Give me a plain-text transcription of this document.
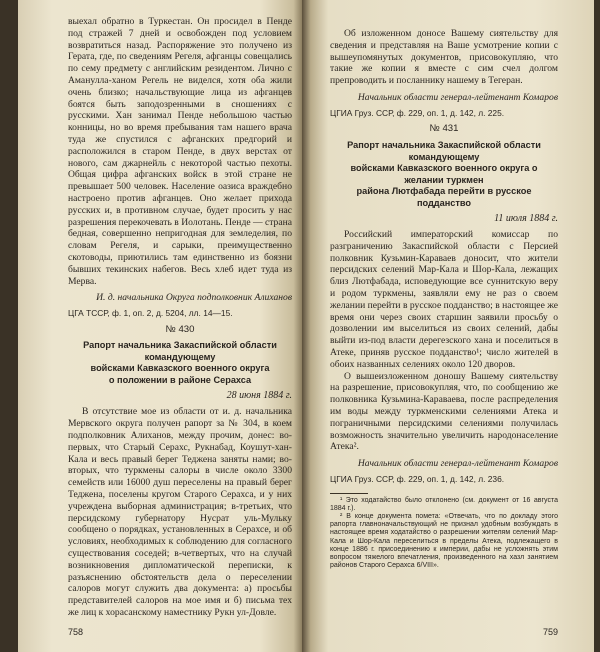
выехал обратно в Туркестан. Он просидел в Пенде под стражей 7 дней и освобожден под условием возвратиться назад. Распоряжение это получено из Герата, где, по сведениям Регеля, афганцы совещались по сему предмету с английским резидентом. Лично с Аманулла-ханом Регель не виделся, хотя оба жили очень близко; начальствующие лица из афганцев боятся быть заподозренными в сношениях с русскими. Хан занимал Пенде небольшою частью конницы, но во время пребывания там нашего врача туда же спустился с афганских предгорий и расположился в старом Пенде, в двух верстах от нового, сам джарнейль с некоторой частью пехоты. Общая цифра афганских войск в этой стране не превышает 500 человек. Население оазиса враждебно настроено против афганцев. Оно желает прихода русских и, в противном случае, будет просить у нас разрешения перекочевать в Иолотань. Пенде — страна бедная, совершенно непригодная для земледелия, по словам Регеля, и сарыки, преимущественно скотоводы, приютились там единственно из боязни бывших текинских набегов. Весь хлеб идет туда из Мерва.

И. д. начальника Округа подполковник Алиханов
ЦГА ТССР, ф. 1, оп. 2, д. 5204, лл. 14—15.
№ 430
Рапорт начальника Закаспийской области командующему
войсками Кавказского военного округа
о положении в районе Серахса
28 июня 1884 г.

В отсутствие мое из области от и. д. начальника Мервского округа получен рапорт за № 304, в коем подполковник Алиханов, между прочим, донес: во-первых, что Старый Серахс, Рукнабад, Коушут-хан-Кала и весь правый берег Теджена заняты нами; во-вторых, что туркмены салоры в числе около 3300 семейств или 16000 душ переселены на правый берег Теджена, поселены кругом Старого Серахса, и у них учреждена выборная администрация; в-третьих, что персидскому губернатору Нусрат уль-Мульку сообщено о порядках, установленных в Серахсе, и об условиях, необходимых к соблюдению для согласного существования соседей; в-четвертых, что на случай возникновения дипломатической переписки, к разъяснению обстоятельств дела о переселении салоров могут служить два документа: а) просьбы представителей салоров на мое имя и б) письма тех же лиц к хорасанскому наместнику Рукн ул-Довле.

758

Об изложенном доносе Вашему сиятельству для сведения и представляя на Ваше усмотрение копии с вышеупомянутых документов, присовокупляю, что такие же копии я вместе с сим счел долгом препроводить и посланнику нашему в Тегеран.

Начальник области генерал-лейтенант Комаров
ЦГИА Груз. ССР, ф. 229, оп. 1, д. 142, л. 225.
№ 431
Рапорт начальника Закаспийской области командующему
войсками Кавказского военного округа о желании туркмен
района Лютфабада перейти в русское подданство
11 июля 1884 г.

Российский императорский комиссар по разграничению Закаспийской области с Персией полковник Кузьмин-Караваев доносит, что жители персидских селений Мар-Кала и Шор-Кала, лежащих близ Лютфабада, исповедующие все суннитскую веру и родом туркмены, заявляли ему не раз о своем желании перейти в русское подданство; в настоящее же время они через своих старшин заявили просьбу о дозволении им выселиться из своих селений, дабы выйти из-под власти дерегезского хана и поселиться в Атеке, приняв русское подданство¹; число жителей в обоих названных селениях около 120 дворов.

О вышеизложенном доношу Вашему сиятельству на разрешение, присовокупляя, что, по сообщению же полковника Кузьмина-Караваева, после распределения им воды между туркменскими селениями Атека и пограничными персидскими селениями получилась возможность значительно увеличить народонаселение Атека².

Начальник области генерал-лейтенант Комаров
ЦГИА Груз. ССР, ф. 229, оп. 1, д. 142, л. 236.

¹ Это ходатайство было отклонено (см. документ от 16 августа 1884 г.).

² В конце документа помета: «Отвечать, что по докладу этого рапорта главноначальствующий не признал удобным возбуждать в настоящее время ходатайство о разрешении жителям селений Мар-Кала и Шор-Кала переселиться в пределы Атека, подлежащего в конце 1886 г. присоединению к империи, дабы не усложнять этим вопросом тяжелого впечатления, произведенного на хазл занятием районов Старого Серахса 6/VIII».

759
